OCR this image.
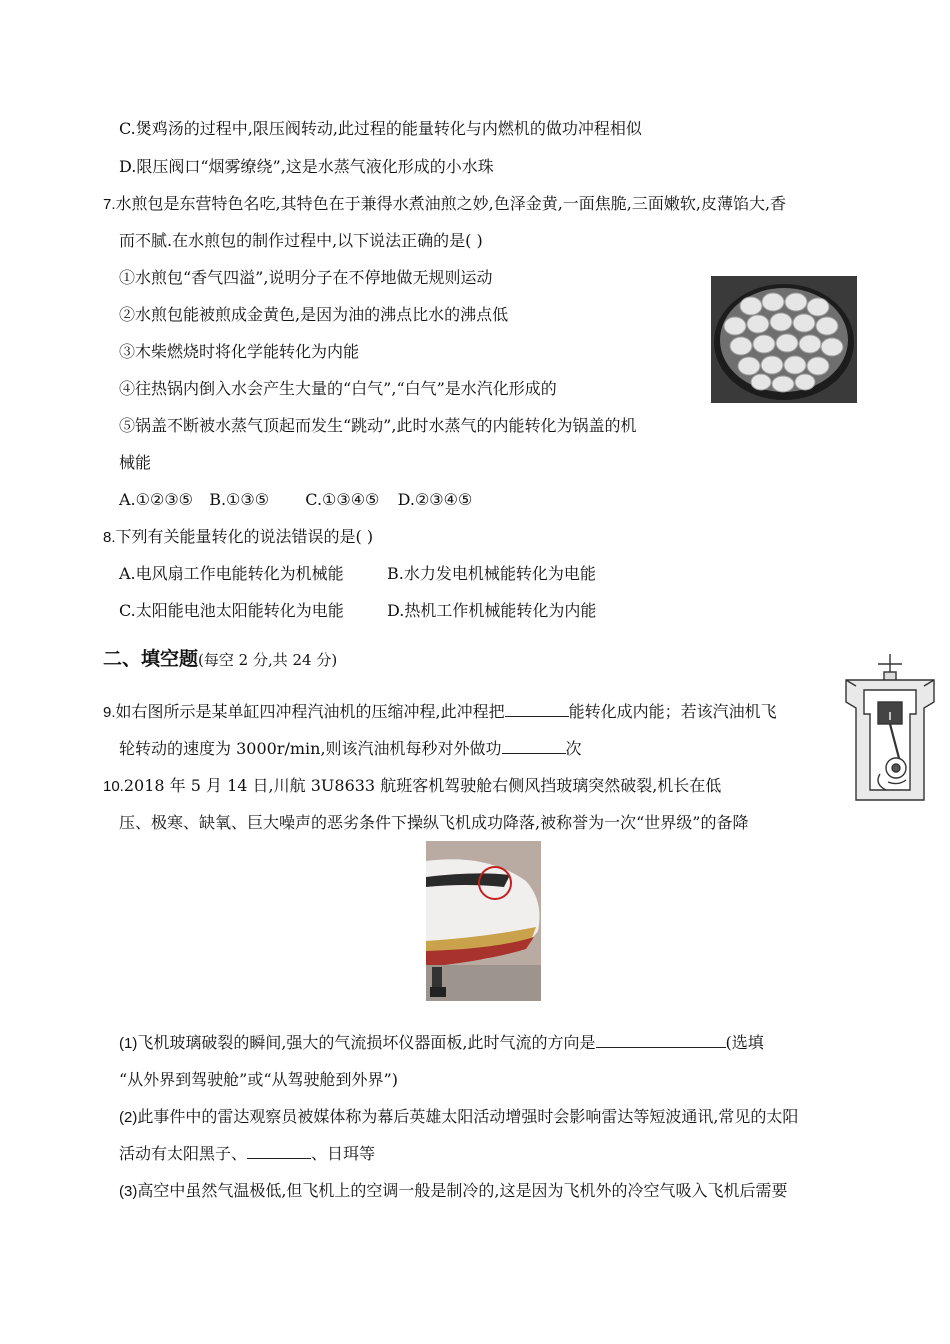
C.煲鸡汤的过程中,限压阀转动,此过程的能量转化与内燃机的做功冲程相似
D.限压阀口“烟雾缭绕”,这是水蒸气液化形成的小水珠
7.水煎包是东营特色名吃,其特色在于兼得水煮油煎之妙,色泽金黄,一面焦脆,三面嫩软,皮薄馅大,香
而不腻.在水煎包的制作过程中,以下说法正确的是( )
①水煎包“香气四溢”,说明分子在不停地做无规则运动
②水煎包能被煎成金黄色,是因为油的沸点比水的沸点低
③木柴燃烧时将化学能转化为内能
④往热锅内倒入水会产生大量的“白气”,“白气”是水汽化形成的
⑤锅盖不断被水蒸气顶起而发生“跳动”,此时水蒸气的内能转化为锅盖的机
械能
A.①②③⑤ B.①③⑤ C.①③④⑤ D.②③④⑤
8.下列有关能量转化的说法错误的是( )
A.电风扇工作电能转化为机械能	B.水力发电机械能转化为电能
C.太阳能电池太阳能转化为电能	D.热机工作机械能转化为内能
二、填空题(每空 2 分,共 24 分)
9.如右图所示是某单缸四冲程汽油机的压缩冲程,此冲程把	能转化成内能；若该汽油机飞
轮转动的速度为 3000r/min,则该汽油机每秒对外做功	次
10.2018 年 5 月 14 日,川航 3U8633 航班客机驾驶舱右侧风挡玻璃突然破裂,机长在低
压、极寒、缺氧、巨大噪声的恶劣条件下操纵飞机成功降落,被称誉为一次“世界级”的备降
(1)飞机玻璃破裂的瞬间,强大的气流损坏仪器面板,此时气流的方向是	(选填
“从外界到驾驶舱”或“从驾驶舱到外界”)
(2)此事件中的雷达观察员被媒体称为幕后英雄太阳活动增强时会影响雷达等短波通讯,常见的太阳
活动有太阳黑子、	、日珥等
(3)高空中虽然气温极低,但飞机上的空调一般是制冷的,这是因为飞机外的冷空气吸入飞机后需要
